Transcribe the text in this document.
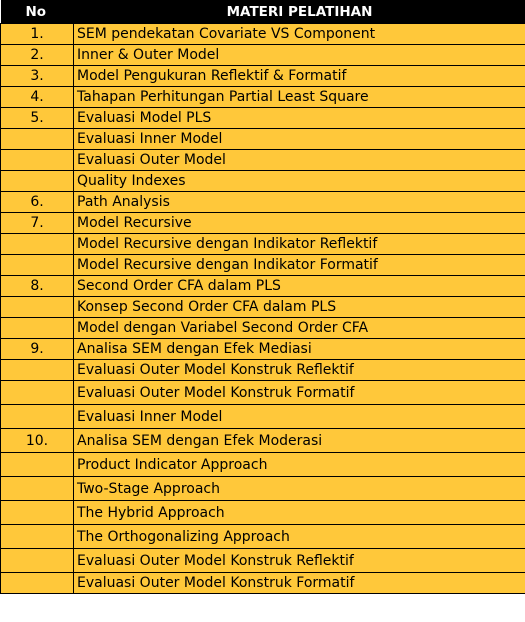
No	MATERI PELATIHAN
1.	SEM pendekatan Covariate VS Component
2.	Inner & Outer Model
3.	Model Pengukuran Reflektif & Formatif
4.	Tahapan Perhitungan Partial Least Square
5.	Evaluasi Model PLS
	Evaluasi Inner Model
	Evaluasi Outer Model
	Quality Indexes
6.	Path Analysis
7.	Model Recursive
	Model Recursive dengan Indikator Reflektif
	Model Recursive dengan Indikator Formatif
8.	Second Order CFA dalam PLS
	Konsep Second Order CFA dalam PLS
	Model dengan Variabel Second Order CFA
9.	Analisa SEM dengan Efek Mediasi
	Evaluasi Outer Model Konstruk Reflektif
	Evaluasi Outer Model Konstruk Formatif
	Evaluasi Inner Model
10.	Analisa SEM dengan Efek Moderasi
	Product Indicator Approach
	Two-Stage Approach
	The Hybrid Approach
	The Orthogonalizing Approach
	Evaluasi Outer Model Konstruk Reflektif
	Evaluasi Outer Model Konstruk Formatif
